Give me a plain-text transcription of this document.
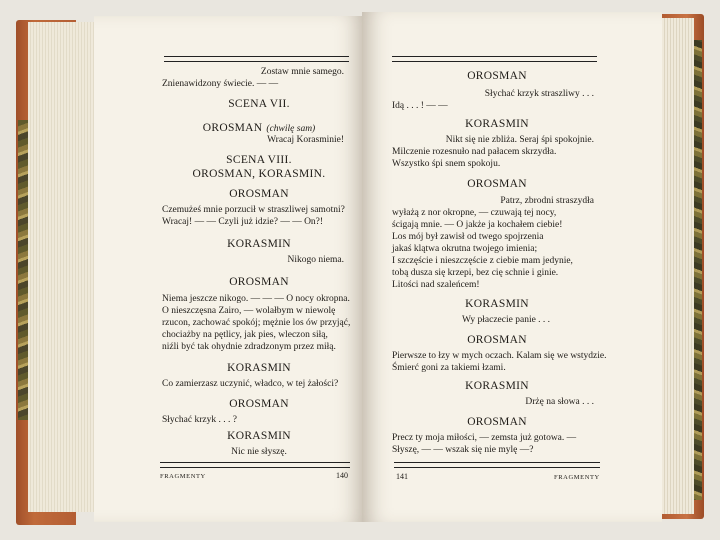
Zostaw mnie samego.
Znienawidzony świecie. — —
SCENA VII.
OROSMAN (chwilę sam)
Wracaj Korasminie!
SCENA VIII.
OROSMAN, KORASMIN.
OROSMAN
Czemużeś mnie porzucił w straszliwej samotni?
Wracaj! — — Czyli już idzie? — — On?!
KORASMIN
Nikogo niema.
OROSMAN
Niema jeszcze nikogo. — — — O nocy okropna.
O nieszczęsna Zairo, — wolałbym w niewolę
rzucon, zachować spokój; mężnie los ów przyjąć,
chociażby na pętlicy, jak pies, wleczon siłą,
niźli być tak ohydnie zdradzonym przez miłą.
KORASMIN
Co zamierzasz uczynić, władco, w tej żałości?
OROSMAN
Słychać krzyk . . . ?
KORASMIN
Nic nie słyszę.
FRAGMENTY	140
OROSMAN
Słychać krzyk straszliwy . . .
Idą . . . ! — —
KORASMIN
Nikt się nie zbliża. Seraj śpi spokojnie.
Milczenie rozesnuło nad pałacem skrzydła.
Wszystko śpi snem spokoju.
OROSMAN
Patrz, zbrodni straszydła
wyłażą z nor okropne, — czuwają tej nocy,
ścigają mnie. — O jakże ja kochałem ciebie!
Los mój był zawisł od twego spojrzenia
jakaś klątwa okrutna twojego imienia;
I szczęście i nieszczęście z ciebie mam jedynie,
tobą dusza się krzepi, bez cię schnie i ginie.
Litości nad szaleńcem!
KORASMIN
Wy płaczecie panie . . .
OROSMAN
Pierwsze to łzy w mych oczach. Kalam się we wstydzie.
Śmierć goni za takiemi łzami.
KORASMIN
Drżę na słowa . . .
OROSMAN
Precz ty moja miłości, — zemsta już gotowa. —
Słyszę, — — wszak się nie mylę —?
141	FRAGMENTY
